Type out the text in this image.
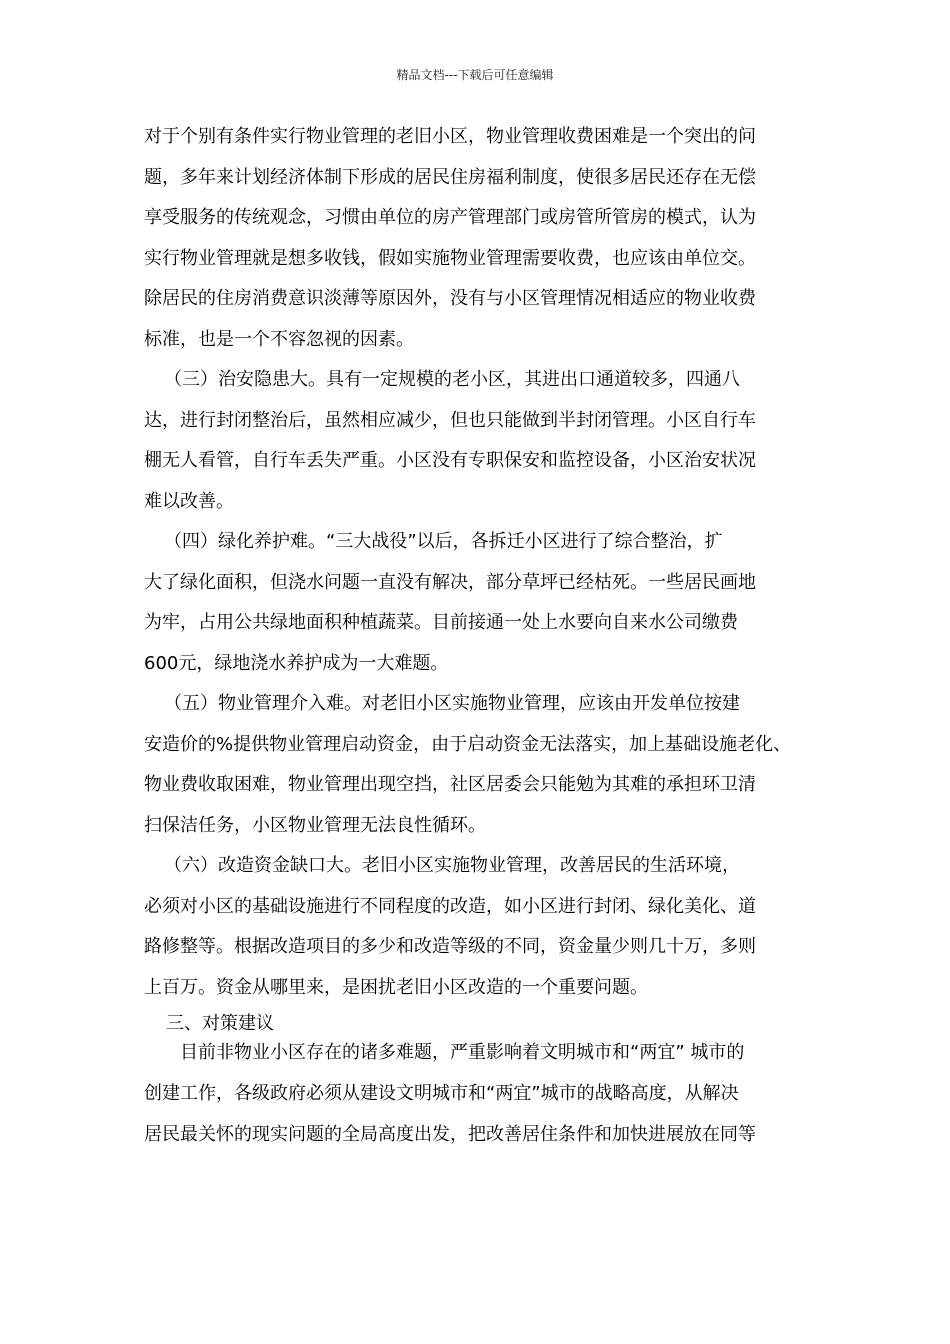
精品文档---下载后可任意编辑
对于个别有条件实行物业管理的老旧小区，物业管理收费困难是一个突出的问
题，多年来计划经济体制下形成的居民住房福利制度，使很多居民还存在无偿
享受服务的传统观念，习惯由单位的房产管理部门或房管所管房的模式，认为
实行物业管理就是想多收钱，假如实施物业管理需要收费，也应该由单位交。
除居民的住房消费意识淡薄等原因外，没有与小区管理情况相适应的物业收费
标准，也是一个不容忽视的因素。
（三）治安隐患大。具有一定规模的老小区，其进出口通道较多，四通八
达，进行封闭整治后，虽然相应减少，但也只能做到半封闭管理。小区自行车
棚无人看管，自行车丢失严重。小区没有专职保安和监控设备，小区治安状况
难以改善。
（四）绿化养护难。“三大战役”以后，各拆迁小区进行了综合整治，扩
大了绿化面积，但浇水问题一直没有解决，部分草坪已经枯死。一些居民画地
为牢，占用公共绿地面积种植蔬菜。目前接通一处上水要向自来水公司缴费
600元，绿地浇水养护成为一大难题。
（五）物业管理介入难。对老旧小区实施物业管理，应该由开发单位按建
安造价的%提供物业管理启动资金，由于启动资金无法落实，加上基础设施老化、
物业费收取困难，物业管理出现空挡，社区居委会只能勉为其难的承担环卫清
扫保洁任务，小区物业管理无法良性循环。
（六）改造资金缺口大。老旧小区实施物业管理，改善居民的生活环境，
必须对小区的基础设施进行不同程度的改造，如小区进行封闭、绿化美化、道
路修整等。根据改造项目的多少和改造等级的不同，资金量少则几十万，多则
上百万。资金从哪里来，是困扰老旧小区改造的一个重要问题。
三、对策建议
目前非物业小区存在的诸多难题，严重影响着文明城市和“两宜” 城市的
创建工作，各级政府必须从建设文明城市和“两宜”城市的战略高度，从解决
居民最关怀的现实问题的全局高度出发，把改善居住条件和加快进展放在同等
